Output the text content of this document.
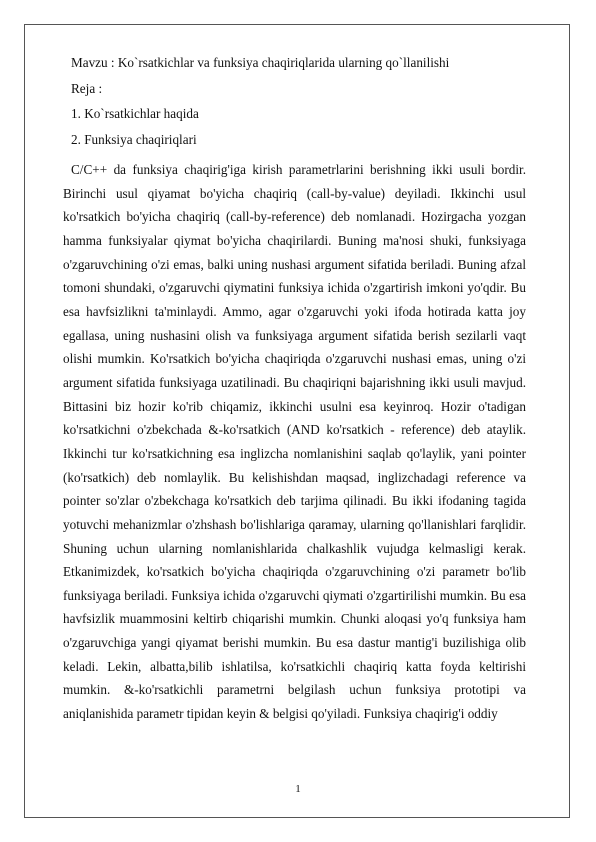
Mavzu : Ko`rsatkichlar va funksiya chaqiriqlarida ularning qo`llanilishi

Reja :

1. Ko`rsatkichlar haqida

2. Funksiya chaqiriqlari

C/C++ da funksiya chaqirig'iga kirish parametrlarini berishning ikki usuli bordir. Birinchi usul qiyamat bo'yicha chaqiriq (call-by-value) deyiladi. Ikkinchi usul ko'rsatkich bo'yicha chaqiriq (call-by-reference) deb nomlanadi. Hozirgacha yozgan hamma funksiyalar qiymat bo'yicha chaqirilardi. Buning ma'nosi shuki, funksiyaga o'zgaruvchining o'zi emas, balki uning nushasi argument sifatida beriladi. Buning afzal tomoni shundaki, o'zgaruvchi qiymatini funksiya ichida o'zgartirish imkoni yo'qdir. Bu esa havfsizlikni ta'minlaydi. Ammo, agar o'zgaruvchi yoki ifoda hotirada katta joy egallasa, uning nushasini olish va funksiyaga argument sifatida berish sezilarli vaqt olishi mumkin. Ko'rsatkich bo'yicha chaqiriqda o'zgaruvchi nushasi emas, uning o'zi argument sifatida funksiyaga uzatilinadi. Bu chaqiriqni bajarishning ikki usuli mavjud. Bittasini biz hozir ko'rib chiqamiz, ikkinchi usulni esa keyinroq. Hozir o'tadigan ko'rsatkichni o'zbekchada &-ko'rsatkich (AND ko'rsatkich - reference) deb ataylik. Ikkinchi tur ko'rsatkichning esa inglizcha nomlanishini saqlab qo'laylik, yani pointer (ko'rsatkich) deb nomlaylik. Bu kelishishdan maqsad, inglizchadagi reference va pointer so'zlar o'zbekchaga ko'rsatkich deb tarjima qilinadi. Bu ikki ifodaning tagida yotuvchi mehanizmlar o'zhshash bo'lishlariga qaramay, ularning qo'llanishlari farqlidir. Shuning uchun ularning nomlanishlarida chalkashlik vujudga kelmasligi kerak. Etkanimizdek, ko'rsatkich bo'yicha chaqiriqda o'zgaruvchining o'zi parametr bo'lib funksiyaga beriladi. Funksiya ichida o'zgaruvchi qiymati o'zgartirilishi mumkin. Bu esa havfsizlik muammosini keltirb chiqarishi mumkin. Chunki aloqasi yo'q funksiya ham o'zgaruvchiga yangi qiyamat berishi mumkin. Bu esa dastur mantig'i buzilishiga olib keladi. Lekin, albatta,bilib ishlatilsa, ko'rsatkichli chaqiriq katta foyda keltirishi mumkin. &-ko'rsatkichli parametrni belgilash uchun funksiya prototipi va aniqlanishida parametr tipidan keyin & belgisi qo'yiladi. Funksiya chaqirig'i oddiy

1
